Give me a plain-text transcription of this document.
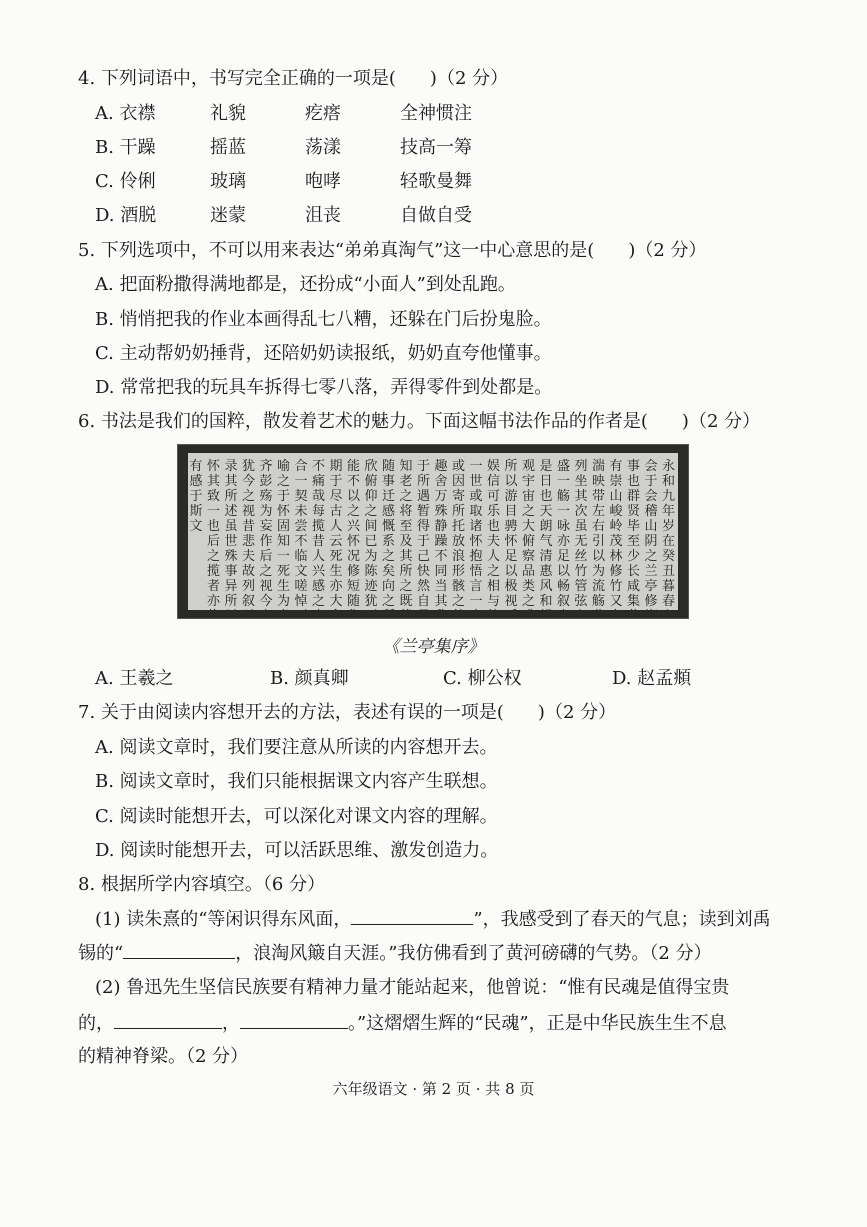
4. 下列词语中，书写完全正确的一项是( )（2 分）
A. 衣襟	礼貌	疙瘩	全神惯注
B. 干躁	摇蓝	荡漾	技高一筹
C. 伶俐	玻璃	咆哮	轻歌曼舞
D. 酒脱	迷蒙	沮丧	自做自受
5. 下列选项中，不可以用来表达“弟弟真淘气”这一中心意思的是( )（2 分）
A. 把面粉撒得满地都是，还扮成“小面人”到处乱跑。
B. 悄悄把我的作业本画得乱七八糟，还躲在门后扮鬼脸。
C. 主动帮奶奶捶背，还陪奶奶读报纸，奶奶直夸他懂事。
D. 常常把我的玩具车拆得七零八落，弄得零件到处都是。
6. 书法是我们的国粹，散发着艺术的魅力。下面这幅书法作品的作者是( )（2 分）
永和九年岁在癸丑暮春
会于会稽山阴之兰亭修
事也群贤毕至少长咸集
有崇山峻岭茂林修竹又
湍映带左右引以为流觞
列坐其次虽无丝竹管弦
盛一觞一咏亦足以畅叙
是日也天朗气清惠风和
观宇宙之大俯察品类之
所以游目骋怀足以极视
娱信可乐也夫人之相与
一世或取诸怀抱悟言一
或因寄所托放浪形骸之
趣舍万殊静躁不同当其
于所遇暂得于己快然自
知老之将至及其所之既
随事迁感慨系之矣向之
欣俯仰之间已为陈迹犹
能不以之兴怀况修短随
期于尽古人云死生亦大
不痛哉每揽昔人兴感之
合一契未尝不临文嗟悼
喻之于怀固知一死生为
齐彭殇为妄作后之视今
犹今之视昔悲夫故列叙
录其所述虽世殊事异所
怀其致一也后之揽者亦
有感于斯文
《兰亭集序》
A. 王羲之	B. 颜真卿	C. 柳公权	D. 赵孟頫
7. 关于由阅读内容想开去的方法，表述有误的一项是( )（2 分）
A. 阅读文章时，我们要注意从所读的内容想开去。
B. 阅读文章时，我们只能根据课文内容产生联想。
C. 阅读时能想开去，可以深化对课文内容的理解。
D. 阅读时能想开去，可以活跃思维、激发创造力。
8. 根据所学内容填空。（6 分）
(1) 读朱熹的“等闲识得东风面，	”，我感受到了春天的气息；读到刘禹
锡的“	，浪淘风簸自天涯。”我仿佛看到了黄河磅礴的气势。（2 分）
(2) 鲁迅先生坚信民族要有精神力量才能站起来，他曾说：“惟有民魂是值得宝贵
的，	，	。”这熠熠生辉的“民魂”，正是中华民族生生不息
的精神脊梁。（2 分）
六年级语文 · 第 2 页 · 共 8 页
